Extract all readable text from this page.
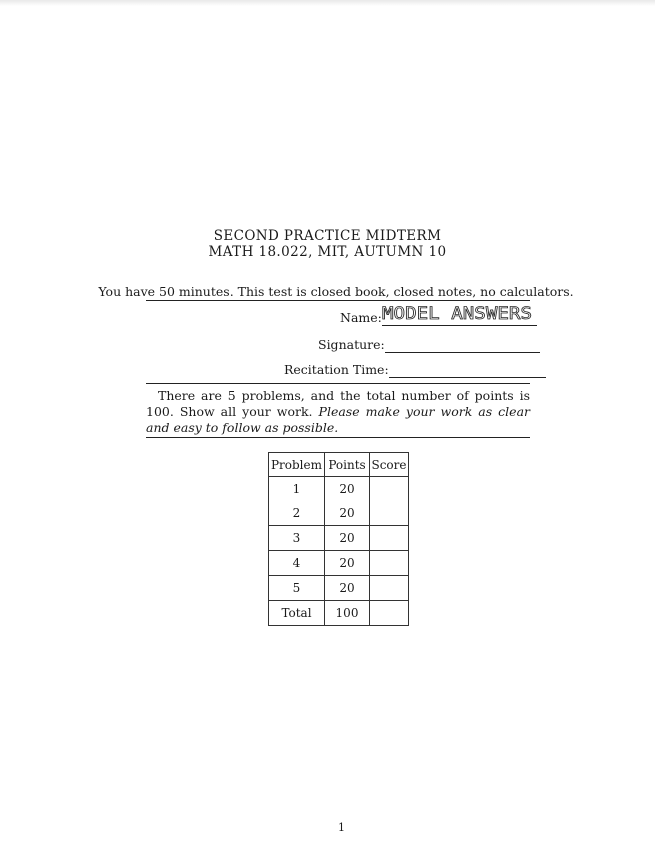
SECOND PRACTICE MIDTERM
MATH 18.022, MIT, AUTUMN 10
You have 50 minutes. This test is closed book, closed notes, no calculators.
Name: MODEL ANSWERS
Signature:
Recitation Time:
There are 5 problems, and the total number of points is 100. Show all your work. Please make your work as clear and easy to follow as possible.
Problem	Points	Score
1	20	
2	20	
3	20	
4	20	
5	20	
Total	100	
1
